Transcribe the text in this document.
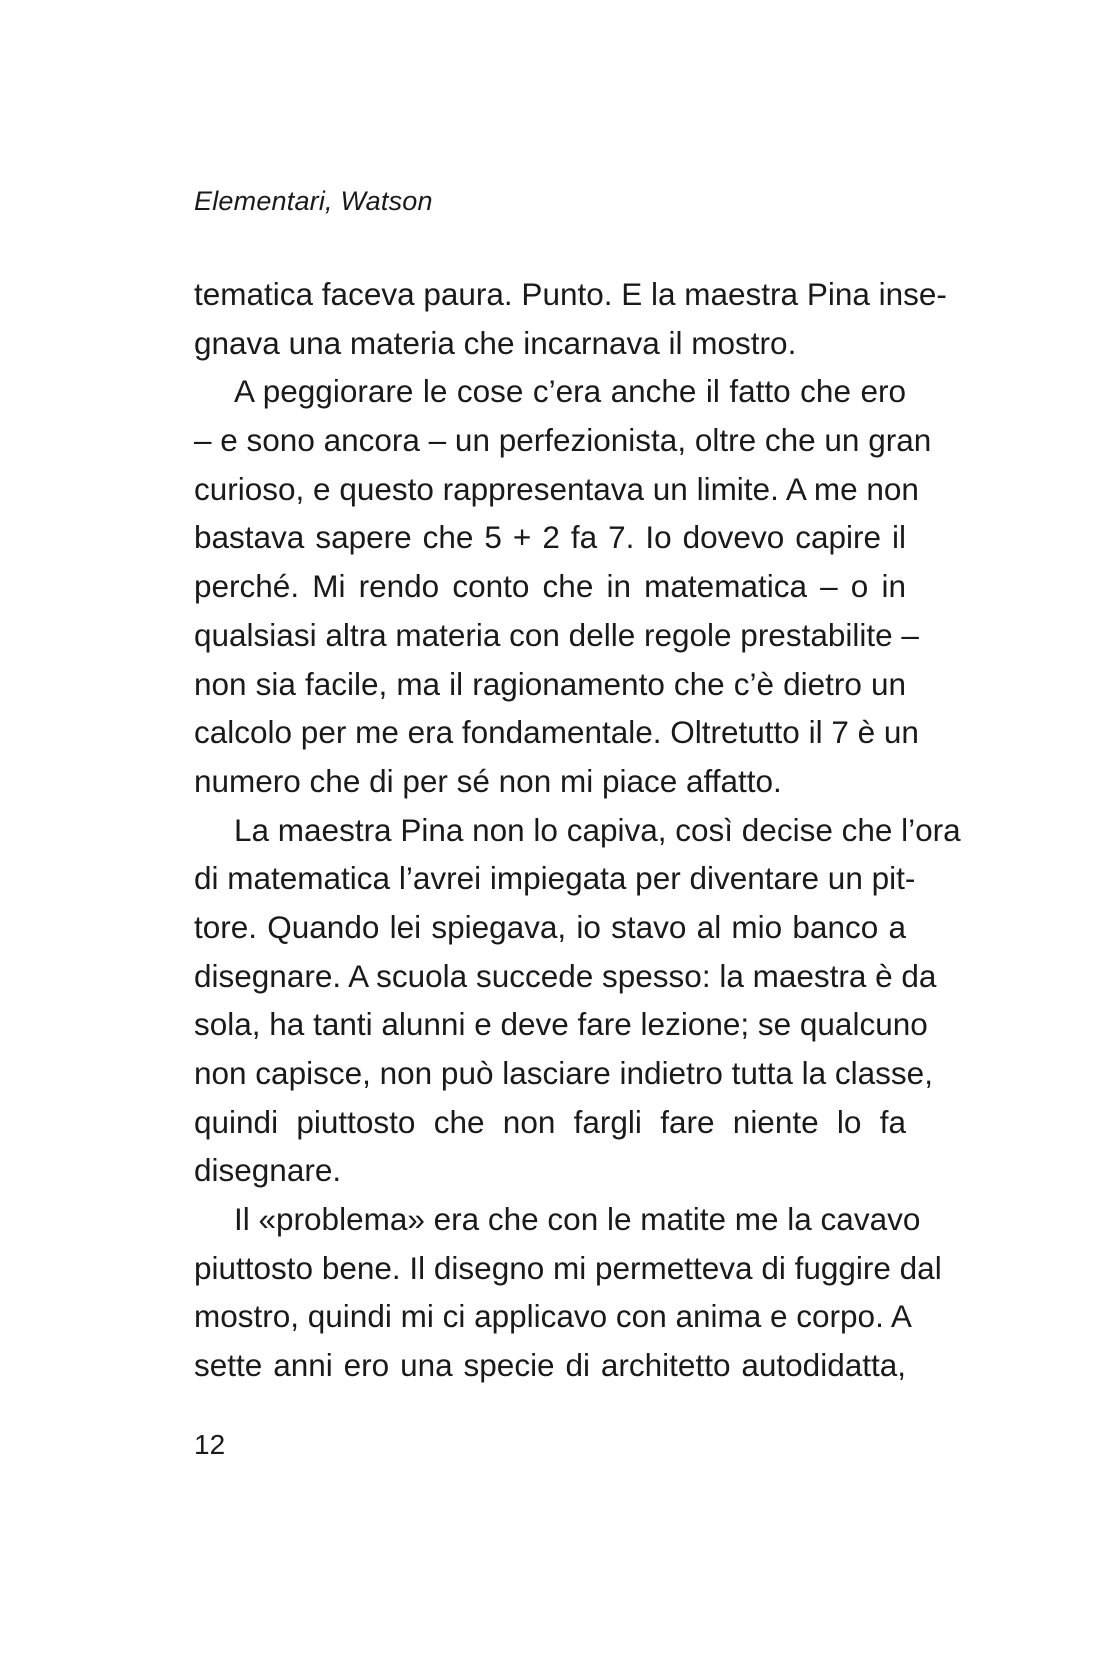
Elementari, Watson
tematica faceva paura. Punto. E la maestra Pina inse-
gnava una materia che incarnava il mostro.
A peggiorare le cose c’era anche il fatto che ero
– e sono ancora – un perfezionista, oltre che un gran
curioso, e questo rappresentava un limite. A me non
bastava sapere che 5 + 2 fa 7. Io dovevo capire il
perché. Mi rendo conto che in matematica – o in
qualsiasi altra materia con delle regole prestabilite –
non sia facile, ma il ragionamento che c’è dietro un
calcolo per me era fondamentale. Oltretutto il 7 è un
numero che di per sé non mi piace affatto.
La maestra Pina non lo capiva, così decise che l’ora
di matematica l’avrei impiegata per diventare un pit-
tore. Quando lei spiegava, io stavo al mio banco a
disegnare. A scuola succede spesso: la maestra è da
sola, ha tanti alunni e deve fare lezione; se qualcuno
non capisce, non può lasciare indietro tutta la classe,
quindi piuttosto che non fargli fare niente lo fa
disegnare.
Il «problema» era che con le matite me la cavavo
piuttosto bene. Il disegno mi permetteva di fuggire dal
mostro, quindi mi ci applicavo con anima e corpo. A
sette anni ero una specie di architetto autodidatta,
12
